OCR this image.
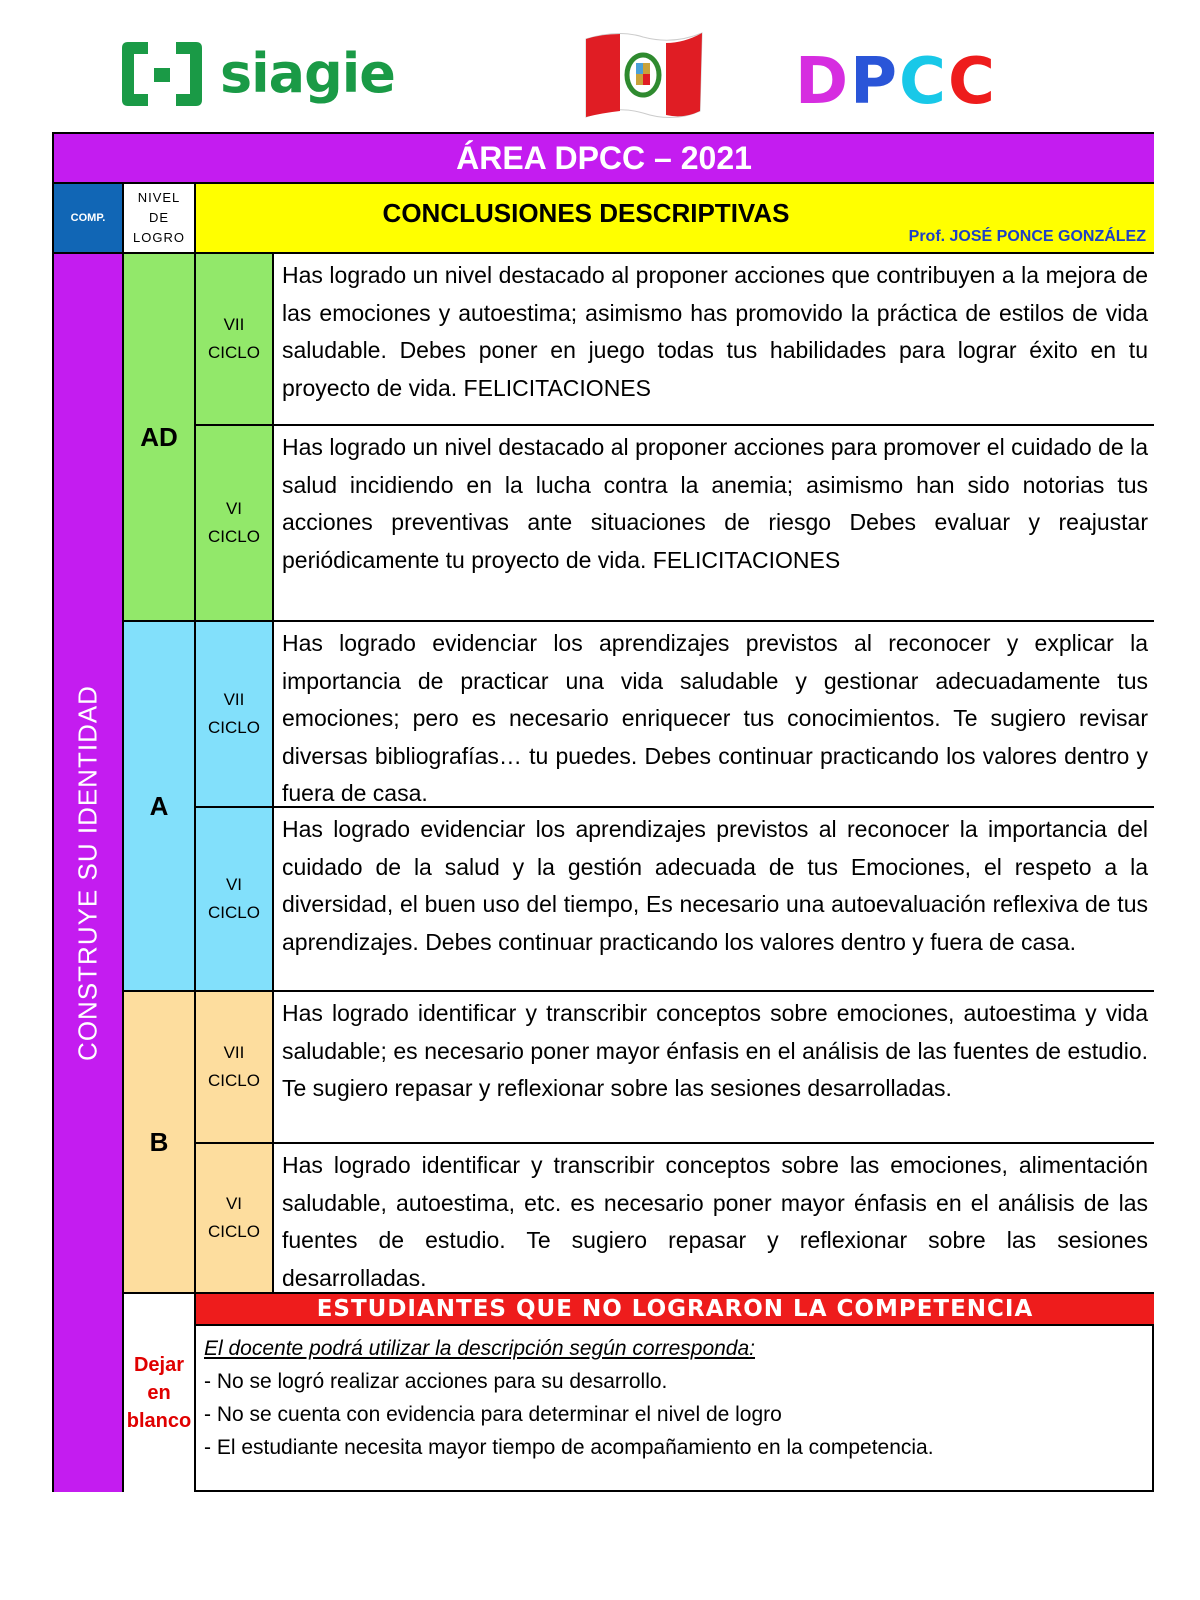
siagie	DPCC
ÁREA DPCC – 2021
COMP.
NIVEL
DE
LOGRO
CONCLUSIONES DESCRIPTIVAS
Prof. JOSÉ PONCE GONZÁLEZ
CONSTRUYE SU IDENTIDAD
AD
VII
CICLO
Has logrado un nivel destacado al proponer acciones que contribuyen a la mejora de las emociones y autoestima; asimismo has promovido la práctica de estilos de vida saludable. Debes poner en juego todas tus habilidades para lograr éxito en tu proyecto de vida. FELICITACIONES
VI
CICLO
Has logrado un nivel destacado al proponer acciones para promover el cuidado de la salud incidiendo en la lucha contra la anemia; asimismo han sido notorias tus acciones preventivas ante situaciones de riesgo Debes evaluar y reajustar periódicamente tu proyecto de vida. FELICITACIONES
A
VII
CICLO
Has logrado evidenciar los aprendizajes previstos al reconocer y explicar la importancia de practicar una vida saludable y gestionar adecuadamente tus emociones; pero es necesario enriquecer tus conocimientos. Te sugiero revisar diversas bibliografías… tu puedes. Debes continuar practicando los valores dentro y fuera de casa.
VI
CICLO
Has logrado evidenciar los aprendizajes previstos al reconocer la importancia del cuidado de la salud y la gestión adecuada de tus Emociones, el respeto a la diversidad, el buen uso del tiempo, Es necesario una autoevaluación reflexiva de tus aprendizajes. Debes continuar practicando los valores dentro y fuera de casa.
B
VII
CICLO
Has logrado identificar y transcribir conceptos sobre emociones, autoestima y vida saludable; es necesario poner mayor énfasis en el análisis de las fuentes de estudio. Te sugiero repasar y reflexionar sobre las sesiones desarrolladas.
VI
CICLO
Has logrado identificar y transcribir conceptos sobre las emociones, alimentación saludable, autoestima, etc. es necesario poner mayor énfasis en el análisis de las fuentes de estudio. Te sugiero repasar y reflexionar sobre las sesiones desarrolladas.
Dejar
en
blanco
ESTUDIANTES QUE NO LOGRARON LA COMPETENCIA
El docente podrá utilizar la descripción según corresponda:
- No se logró realizar acciones para su desarrollo.
- No se cuenta con evidencia para determinar el nivel de logro
- El estudiante necesita mayor tiempo de acompañamiento en la competencia.
